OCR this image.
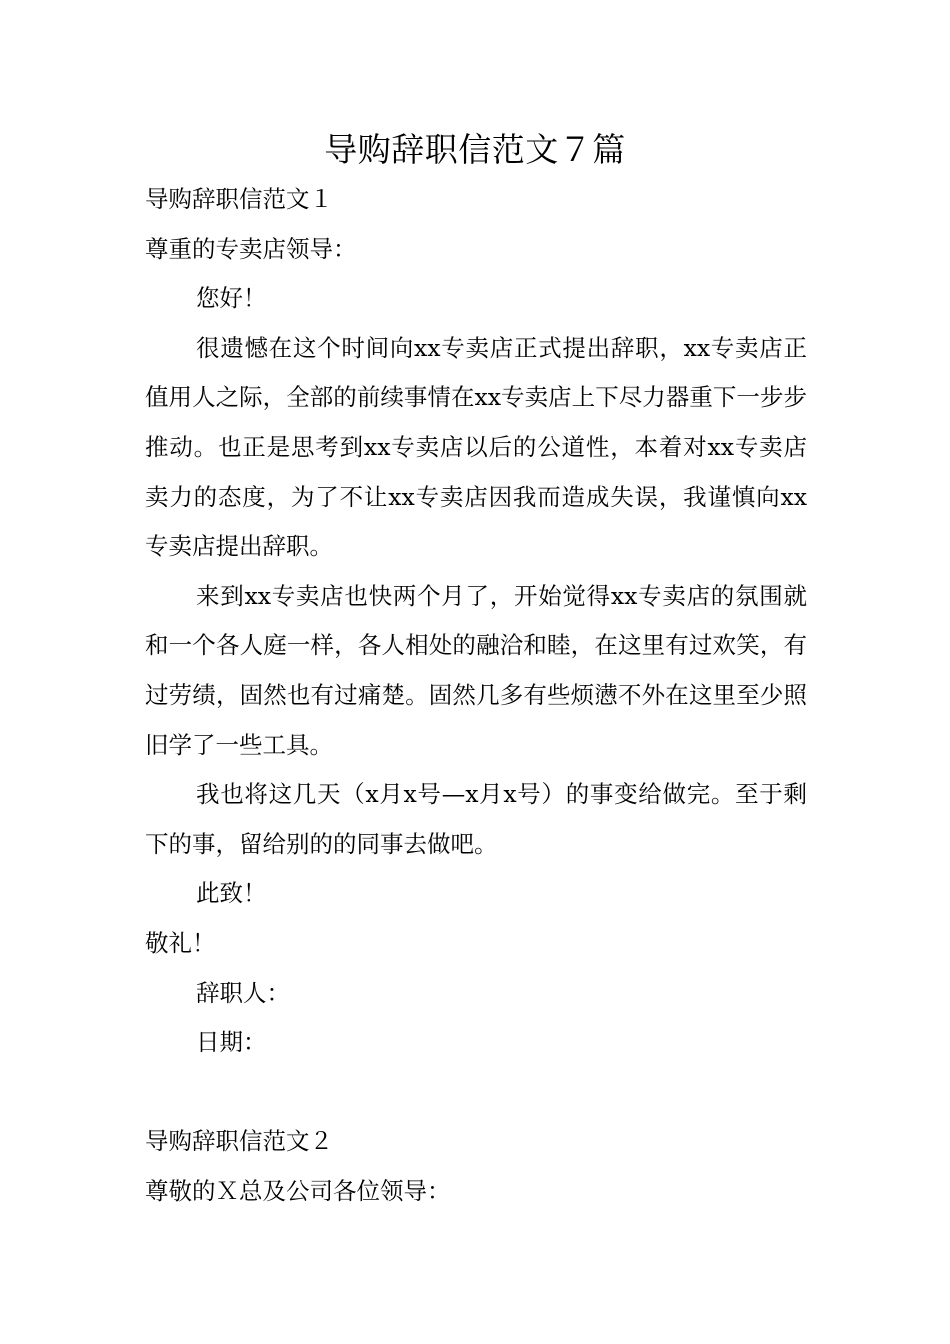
导购辞职信范文７篇

导购辞职信范文１

尊重的专卖店领导：

您好！

很遗憾在这个时间向xx专卖店正式提出辞职，xx专卖店正值用人之际，全部的前续事情在xx专卖店上下尽力器重下一步步推动。也正是思考到xx专卖店以后的公道性，本着对xx专卖店卖力的态度，为了不让xx专卖店因我而造成失误，我谨慎向xx专卖店提出辞职。

来到xx专卖店也快两个月了，开始觉得xx专卖店的氛围就和一个各人庭一样，各人相处的融洽和睦，在这里有过欢笑，有过劳绩，固然也有过痛楚。固然几多有些烦懑不外在这里至少照旧学了一些工具。

我也将这几天（x月x号—x月x号）的事变给做完。至于剩下的事，留给别的的同事去做吧。

此致！

敬礼！

辞职人：

日期：

导购辞职信范文２

尊敬的Ｘ总及公司各位领导：
